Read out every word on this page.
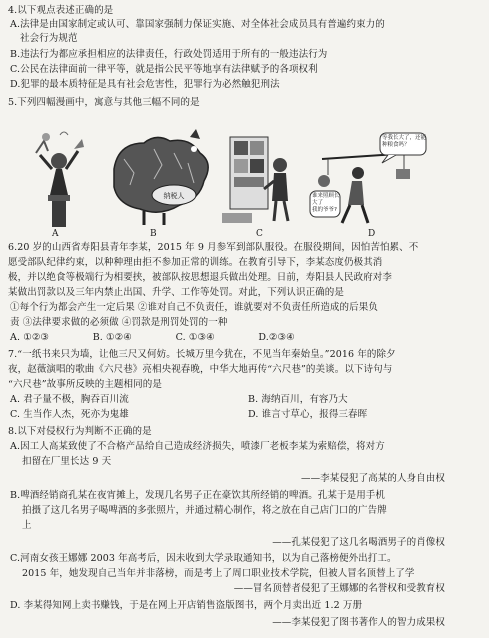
4.以下观点表述正确的是
A.法律是由国家制定或认可、靠国家强制力保证实施、对全体社会成员具有普遍约束力的
社会行为规范
B.违法行为都应承担相应的法律责任，行政处罚适用于所有的一般违法行为
C.公民在法律面前一律平等，就是指公民平等地享有法律赋予的各项权利
D.犯罪的最本质特征是具有社会危害性，犯罪行为必然触犯刑法
5.下列四幅漫画中，寓意与其他三幅不同的是
A
纳税人
B	C
等我长大了，还能种粮食吗？
谁来照顾长大了
我的爷爷?
D
6.20 岁的山西省寿阳县青年李某，2015 年 9 月参军到部队服役。在服役期间，因怕苦怕累、不
愿受部队纪律约束，以种种理由拒不参加正常的训练。在教育引导下，李某态度仍极其消
极，并以绝食等极端行为相要挟，被部队按思想退兵做出处理。日前，寿阳县人民政府对李
某做出罚款以及三年内禁止出国、升学、工作等处罚。对此，下列认识正确的是
①每个行为都会产生一定后果 ②谁对自己不负责任，谁就要对不负责任所造成的后果负
责 ③法律要求做的必须做 ④罚款是刑罚处罚的一种
A. ①②③              B. ①②④              C. ①③④              D.②③④
7.“一纸书来只为墙，让他三尺又何妨。长城万里今犹在，不见当年秦始皇。”2016 年的除夕
夜，赵薇演唱的歌曲《六尺巷》亮相央视春晚，中华大地再传“六尺巷”的美谈。以下诗句与
“六尺巷”故事所反映的主题相同的是
A. 君子量不极，胸吞百川流	B. 海纳百川，有容乃大
C. 生当作人杰，死亦为鬼雄	D. 谁言寸草心，报得三春晖
8.以下对侵权行为判断不正确的是
A.因工人高某致使了不合格产品给自己造成经济损失，喷漆厂老板李某为索赔偿，将对方
扣留在厂里长达 9 天
——李某侵犯了高某的人身自由权
B.啤酒经销商孔某在夜宵摊上，发现几名男子正在豪饮其所经销的啤酒。孔某于是用手机
拍摄了这几名男子喝啤酒的多张照片，并通过精心制作，将之放在自己店门口的广告牌
上
——孔某侵犯了这几名喝酒男子的肖像权
C.河南女孩王娜娜 2003 年高考后，因未收到大学录取通知书，以为自己落榜便外出打工。
2015 年，她发现自己当年并非落榜，而是考上了周口职业技术学院，但被人冒名顶替上了学
——冒名顶替者侵犯了王娜娜的名誉权和受教育权
D. 李某得知网上卖书赚钱，于是在网上开店销售盗版图书，两个月卖出近 1.2 万册
——李某侵犯了图书著作人的智力成果权
